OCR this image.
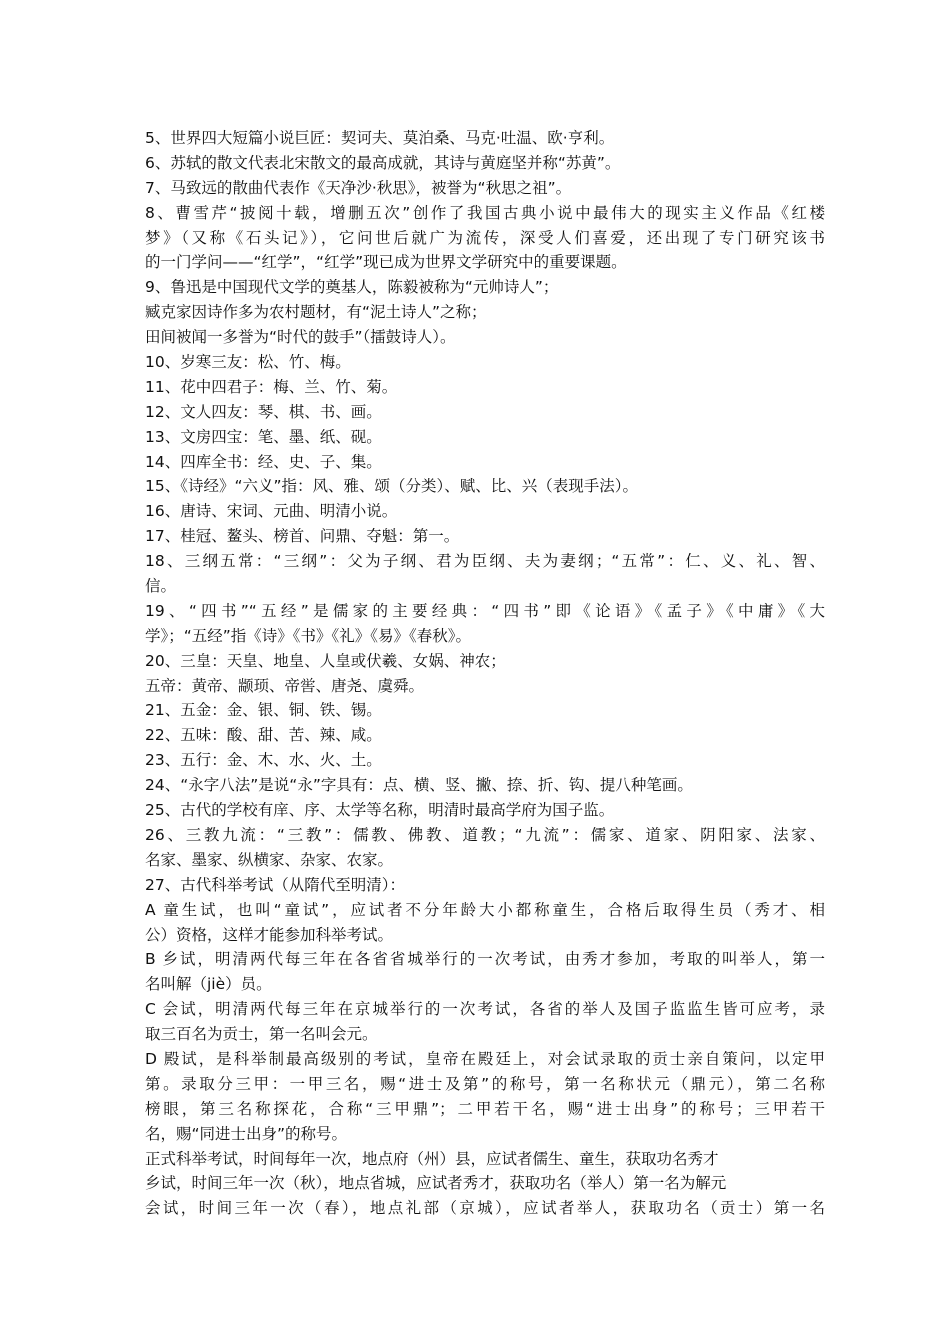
5、世界四大短篇小说巨匠：契诃夫、莫泊桑、马克·吐温、欧·亨利。

6、苏轼的散文代表北宋散文的最高成就，其诗与黄庭坚并称“苏黄”。

7、马致远的散曲代表作《天净沙·秋思》，被誉为“秋思之祖”。

8、曹雪芹“披阅十载，增删五次”创作了我国古典小说中最伟大的现实主义作品《红楼

梦》（又称《石头记》），它问世后就广为流传，深受人们喜爱，还出现了专门研究该书

的一门学问——“红学”，“红学”现已成为世界文学研究中的重要课题。

9、鲁迅是中国现代文学的奠基人，陈毅被称为“元帅诗人”；

臧克家因诗作多为农村题材，有“泥土诗人”之称；

田间被闻一多誉为“时代的鼓手”（擂鼓诗人）。

10、岁寒三友：松、竹、梅。

11、花中四君子：梅、兰、竹、菊。

12、文人四友：琴、棋、书、画。

13、文房四宝：笔、墨、纸、砚。

14、四库全书：经、史、子、集。

15、《诗经》“六义”指：风、雅、颂（分类）、赋、比、兴（表现手法）。

16、唐诗、宋词、元曲、明清小说。

17、桂冠、鳌头、榜首、问鼎、夺魁：第一。

18、三纲五常：“三纲”：父为子纲、君为臣纲、夫为妻纲；“五常”：仁、义、礼、智、

信。

19、“四书”“五经”是儒家的主要经典：“四书”即《论语》《孟子》《中庸》《大

学》；“五经”指《诗》《书》《礼》《易》《春秋》。

20、三皇：天皇、地皇、人皇或伏羲、女娲、神农；

五帝：黄帝、颛顼、帝喾、唐尧、虞舜。

21、五金：金、银、铜、铁、锡。

22、五味：酸、甜、苦、辣、咸。

23、五行：金、木、水、火、土。

24、“永字八法”是说“永”字具有：点、横、竖、撇、捺、折、钩、提八种笔画。

25、古代的学校有庠、序、太学等名称，明清时最高学府为国子监。

26、三教九流：“三教”：儒教、佛教、道教；“九流”：儒家、道家、阴阳家、法家、

名家、墨家、纵横家、杂家、农家。

27、古代科举考试（从隋代至明清）：

A 童生试，也叫“童试”，应试者不分年龄大小都称童生，合格后取得生员（秀才、相

公）资格，这样才能参加科举考试。

B 乡试，明清两代每三年在各省省城举行的一次考试，由秀才参加，考取的叫举人，第一

名叫解（jiè）员。

C 会试，明清两代每三年在京城举行的一次考试，各省的举人及国子监监生皆可应考，录

取三百名为贡士，第一名叫会元。

D 殿试，是科举制最高级别的考试，皇帝在殿廷上，对会试录取的贡士亲自策问，以定甲

第。录取分三甲：一甲三名，赐“进士及第”的称号，第一名称状元（鼎元），第二名称

榜眼，第三名称探花，合称“三甲鼎”；二甲若干名，赐“进士出身”的称号；三甲若干

名，赐“同进士出身”的称号。

正式科举考试，时间每年一次，地点府（州）县，应试者儒生、童生，获取功名秀才

乡试，时间三年一次（秋），地点省城，应试者秀才，获取功名（举人）第一名为解元

会试，时间三年一次（春），地点礼部（京城），应试者举人，获取功名（贡士）第一名
